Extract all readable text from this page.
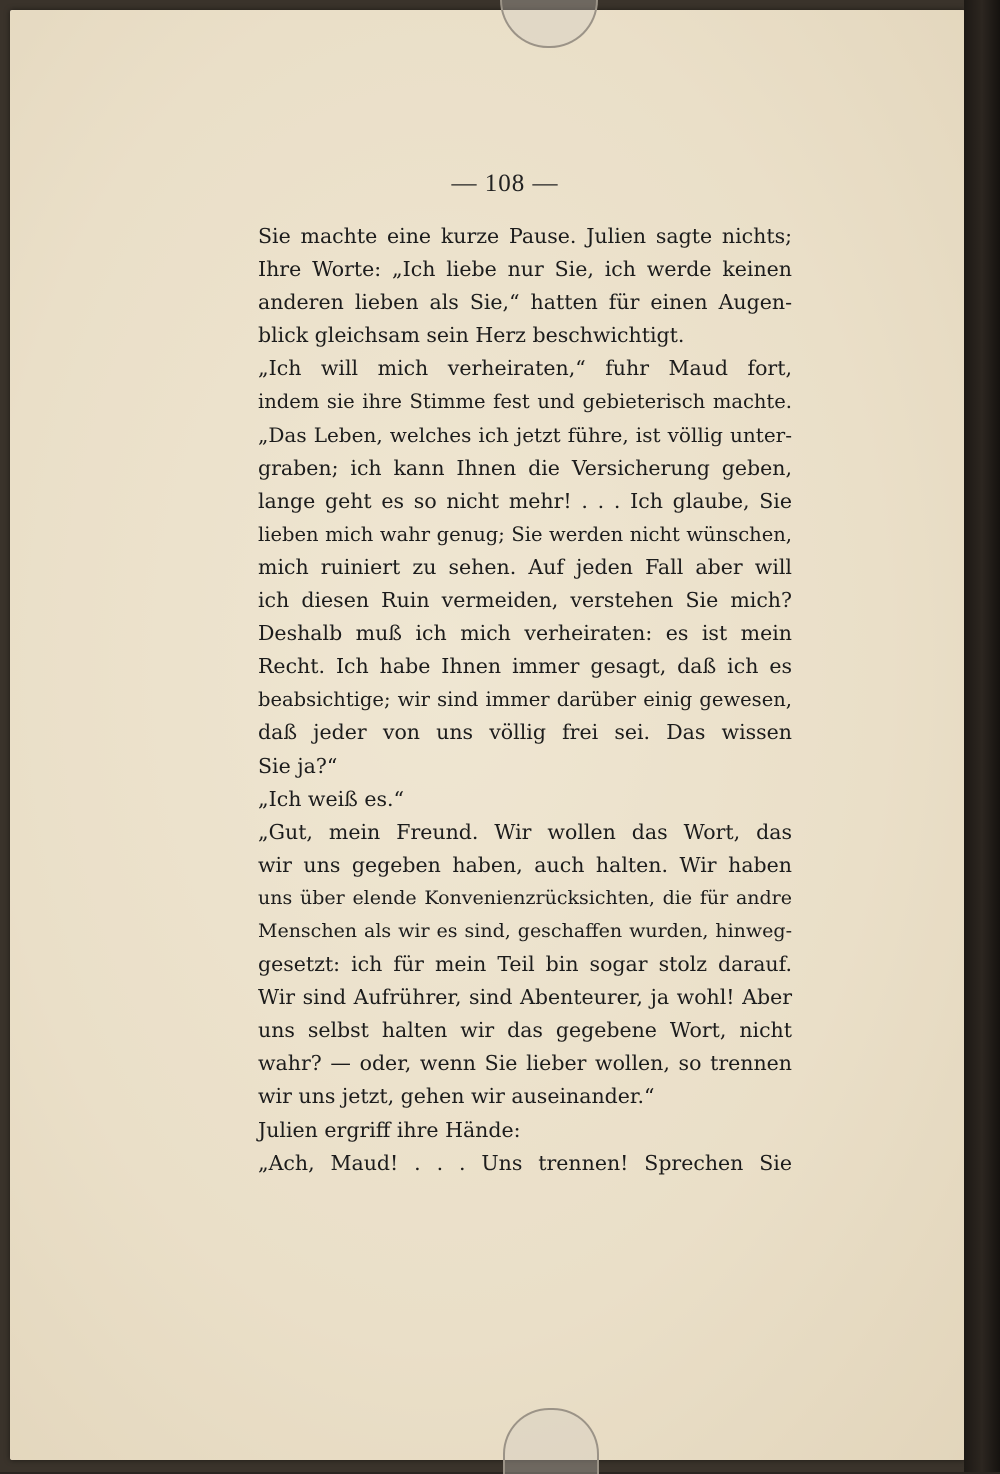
— 108 —
Sie machte eine kurze Pause. Julien sagte nichts;
Ihre Worte: „Ich liebe nur Sie, ich werde keinen
anderen lieben als Sie,“ hatten für einen Augen-
blick gleichsam sein Herz beschwichtigt.
„Ich will mich verheiraten,“ fuhr Maud fort,
indem sie ihre Stimme fest und gebieterisch machte.
„Das Leben, welches ich jetzt führe, ist völlig unter-
graben; ich kann Ihnen die Versicherung geben,
lange geht es so nicht mehr! . . . Ich glaube, Sie
lieben mich wahr genug; Sie werden nicht wünschen,
mich ruiniert zu sehen. Auf jeden Fall aber will
ich diesen Ruin vermeiden, verstehen Sie mich?
Deshalb muß ich mich verheiraten: es ist mein
Recht. Ich habe Ihnen immer gesagt, daß ich es
beabsichtige; wir sind immer darüber einig gewesen,
daß jeder von uns völlig frei sei. Das wissen
Sie ja?“
„Ich weiß es.“
„Gut, mein Freund. Wir wollen das Wort, das
wir uns gegeben haben, auch halten. Wir haben
uns über elende Konvenienzrücksichten, die für andre
Menschen als wir es sind, geschaffen wurden, hinweg-
gesetzt: ich für mein Teil bin sogar stolz darauf.
Wir sind Aufrührer, sind Abenteurer, ja wohl! Aber
uns selbst halten wir das gegebene Wort, nicht
wahr? — oder, wenn Sie lieber wollen, so trennen
wir uns jetzt, gehen wir auseinander.“
Julien ergriff ihre Hände:
„Ach, Maud! . . . Uns trennen! Sprechen Sie
